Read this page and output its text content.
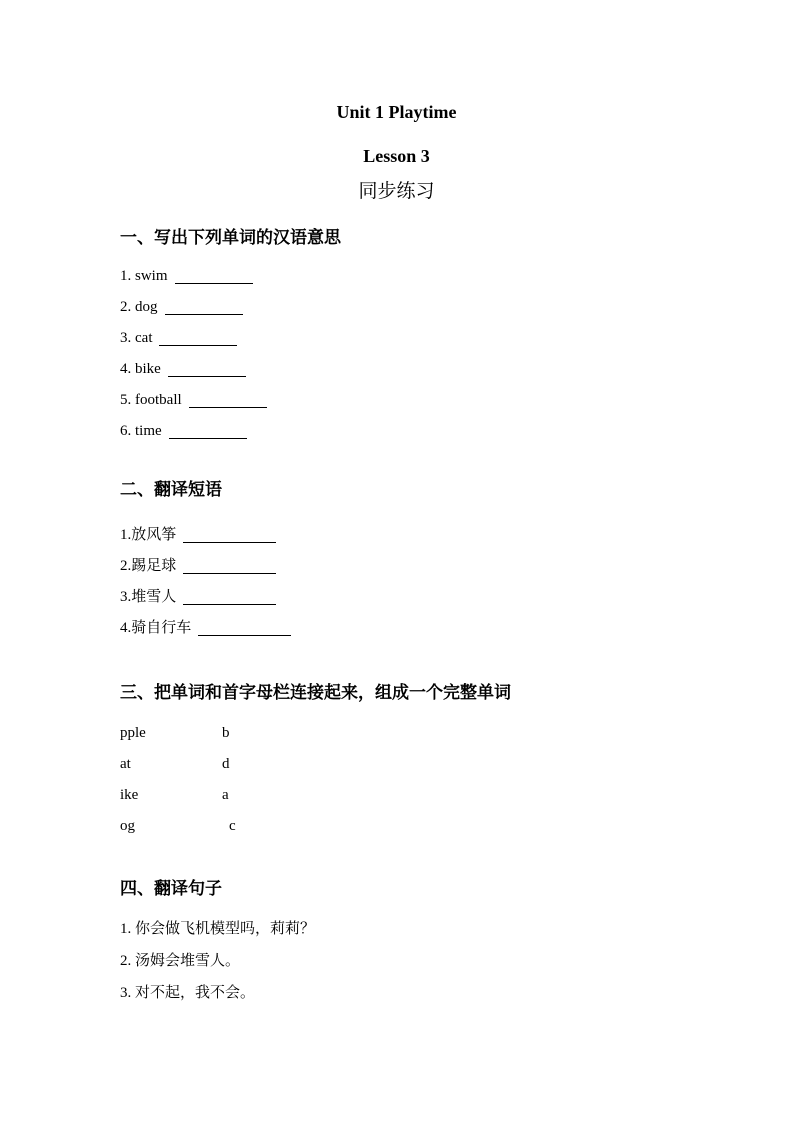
Unit 1 Playtime

Lesson 3

同步练习

一、写出下列单词的汉语意思

1. swim

2. dog

3. cat

4. bike

5. football

6. time

二、翻译短语

1.放风筝

2.踢足球

3.堆雪人

4.骑自行车

三、把单词和首字母栏连接起来，组成一个完整单词

pple	b
at	d
ike	a
og	c

四、翻译句子

1. 你会做飞机模型吗，莉莉？

2. 汤姆会堆雪人。

3. 对不起，我不会。
